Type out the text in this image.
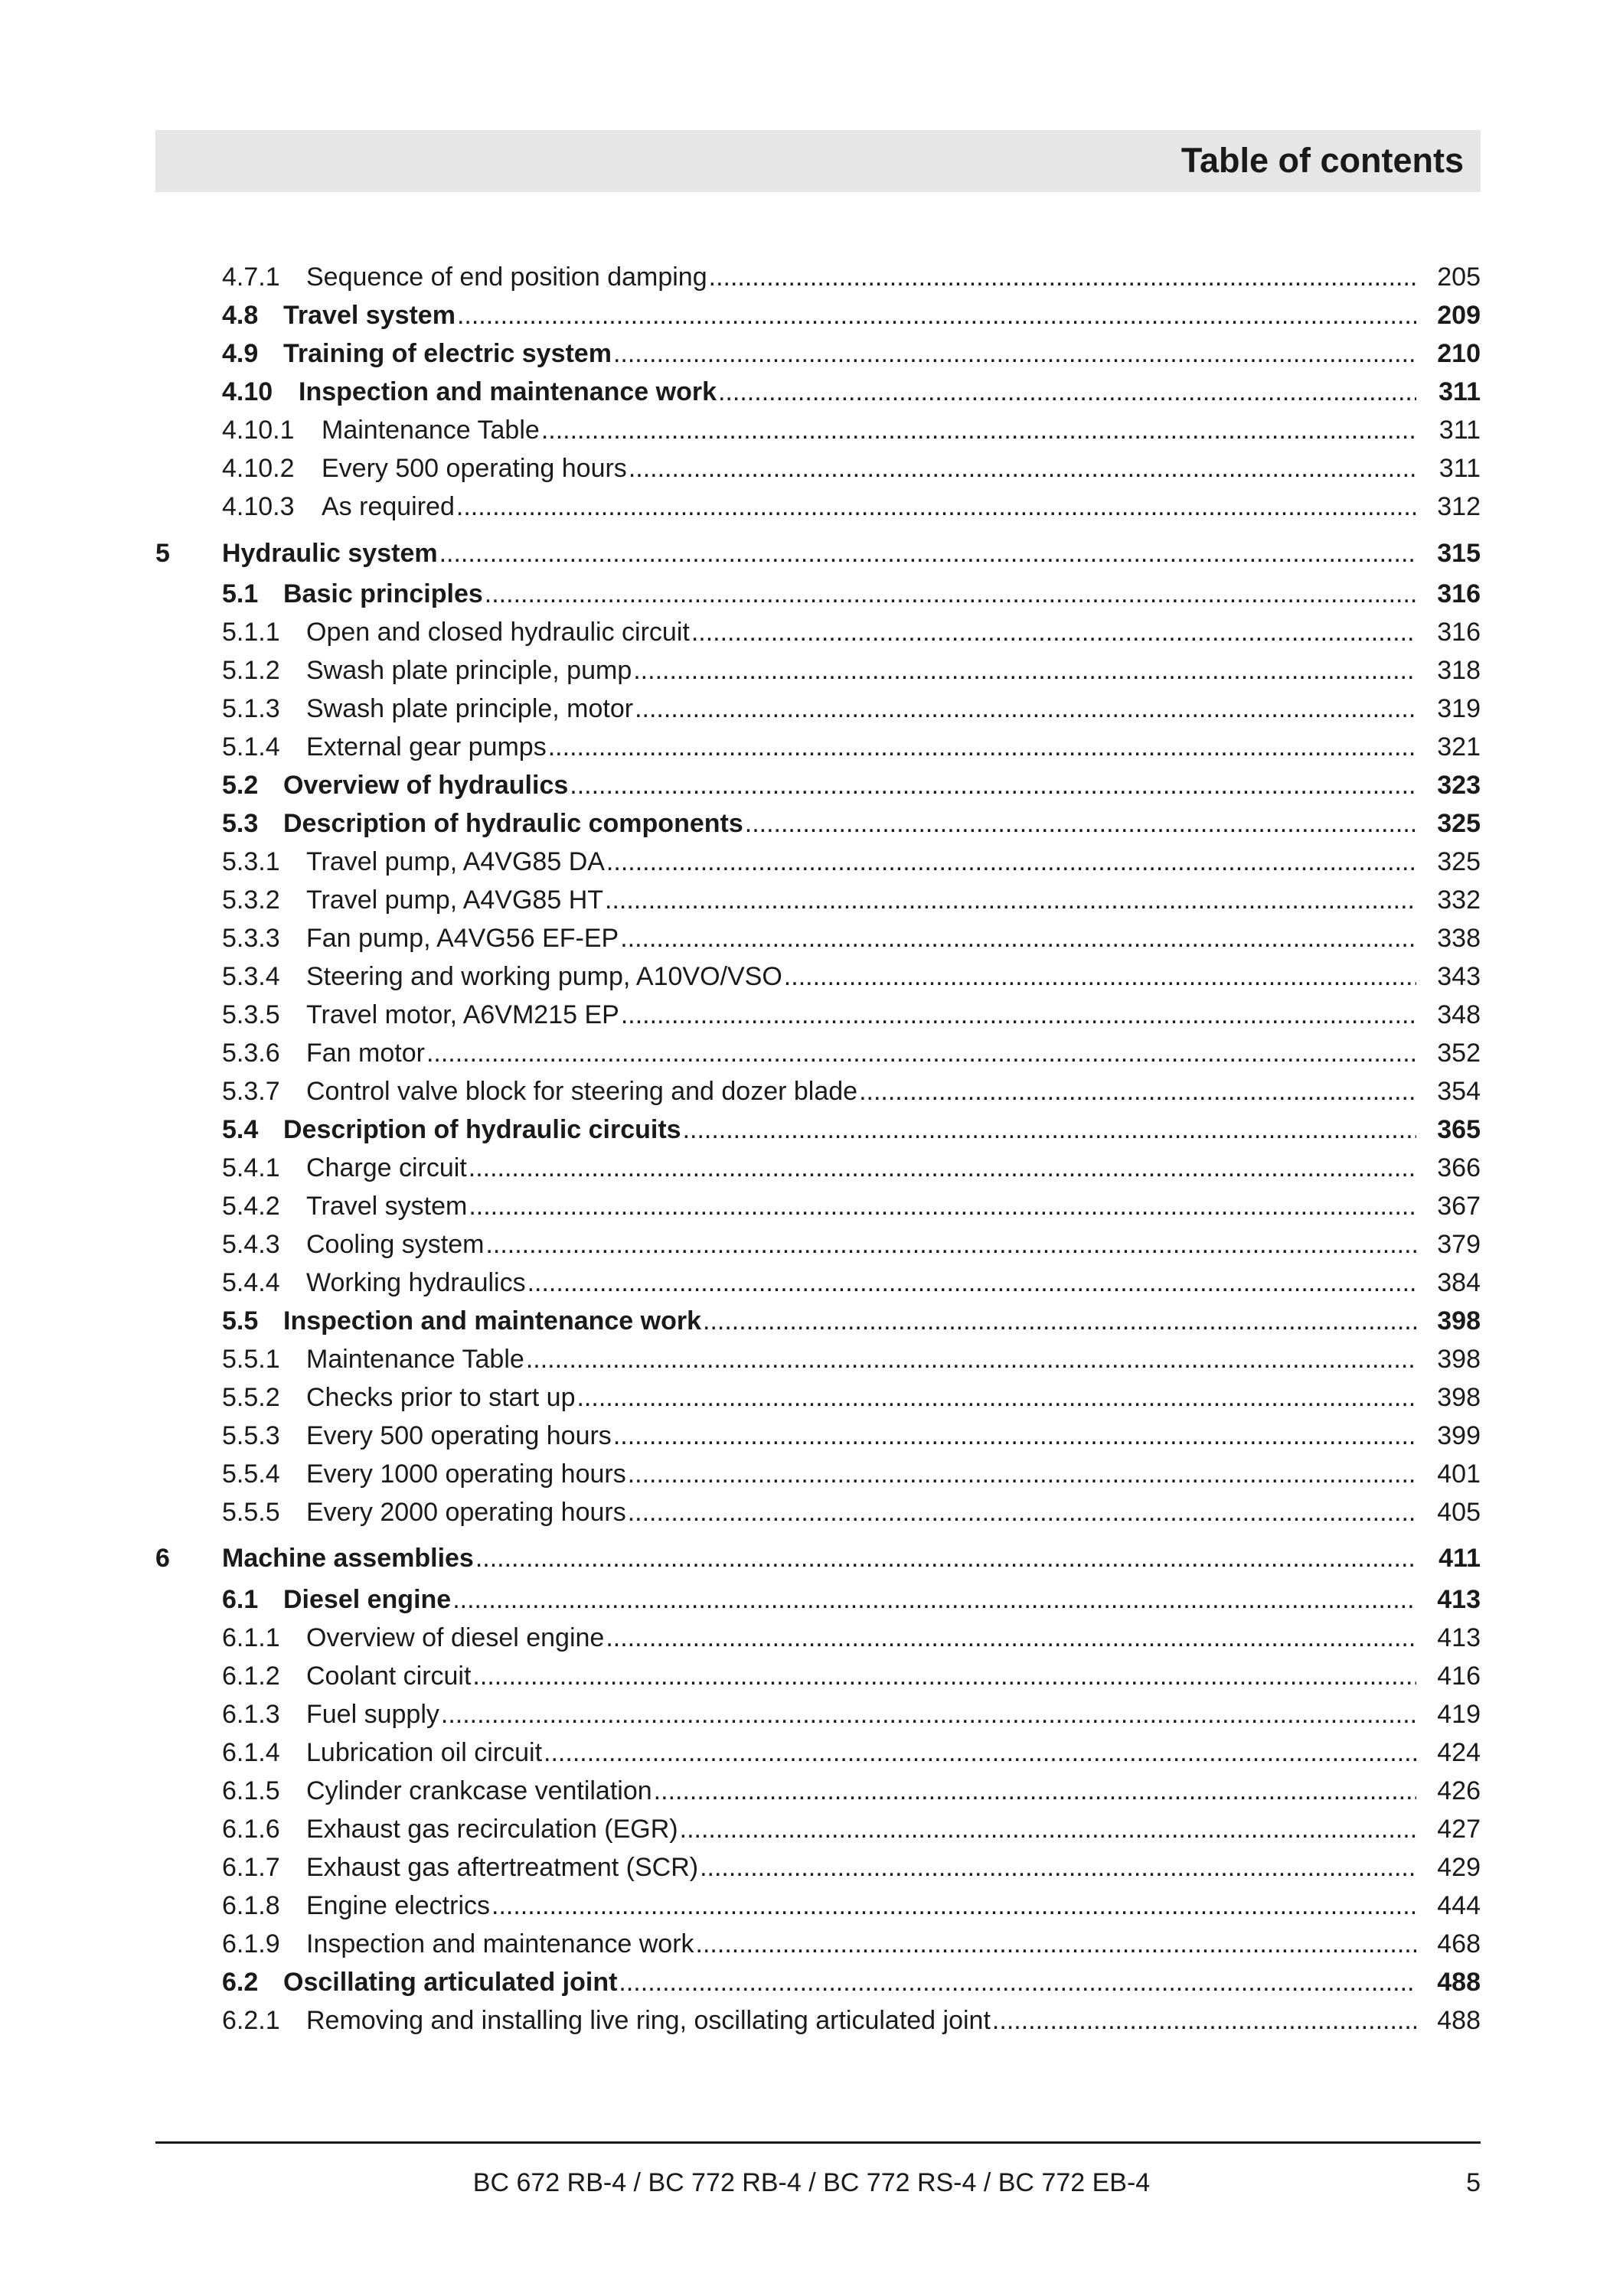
Table of contents
4.7.1 Sequence of end position damping .....	205
4.8 Travel system .....	209
4.9 Training of electric system .....	210
4.10 Inspection and maintenance work .....	311
4.10.1 Maintenance Table .....	311
4.10.2 Every 500 operating hours .....	311
4.10.3 As required .....	312
5 Hydraulic system .....	315
5.1 Basic principles .....	316
5.1.1 Open and closed hydraulic circuit .....	316
5.1.2 Swash plate principle, pump .....	318
5.1.3 Swash plate principle, motor .....	319
5.1.4 External gear pumps .....	321
5.2 Overview of hydraulics .....	323
5.3 Description of hydraulic components .....	325
5.3.1 Travel pump, A4VG85 DA .....	325
5.3.2 Travel pump, A4VG85 HT .....	332
5.3.3 Fan pump, A4VG56 EF-EP .....	338
5.3.4 Steering and working pump, A10VO/VSO .....	343
5.3.5 Travel motor, A6VM215 EP .....	348
5.3.6 Fan motor .....	352
5.3.7 Control valve block for steering and dozer blade .....	354
5.4 Description of hydraulic circuits .....	365
5.4.1 Charge circuit .....	366
5.4.2 Travel system .....	367
5.4.3 Cooling system .....	379
5.4.4 Working hydraulics .....	384
5.5 Inspection and maintenance work .....	398
5.5.1 Maintenance Table .....	398
5.5.2 Checks prior to start up .....	398
5.5.3 Every 500 operating hours .....	399
5.5.4 Every 1000 operating hours .....	401
5.5.5 Every 2000 operating hours .....	405
6 Machine assemblies .....	411
6.1 Diesel engine .....	413
6.1.1 Overview of diesel engine .....	413
6.1.2 Coolant circuit .....	416
6.1.3 Fuel supply .....	419
6.1.4 Lubrication oil circuit .....	424
6.1.5 Cylinder crankcase ventilation .....	426
6.1.6 Exhaust gas recirculation (EGR) .....	427
6.1.7 Exhaust gas aftertreatment (SCR) .....	429
6.1.8 Engine electrics .....	444
6.1.9 Inspection and maintenance work .....	468
6.2 Oscillating articulated joint .....	488
6.2.1 Removing and installing live ring, oscillating articulated joint .....	488
BC 672 RB-4 / BC 772 RB-4 / BC 772 RS-4 / BC 772 EB-4	5
